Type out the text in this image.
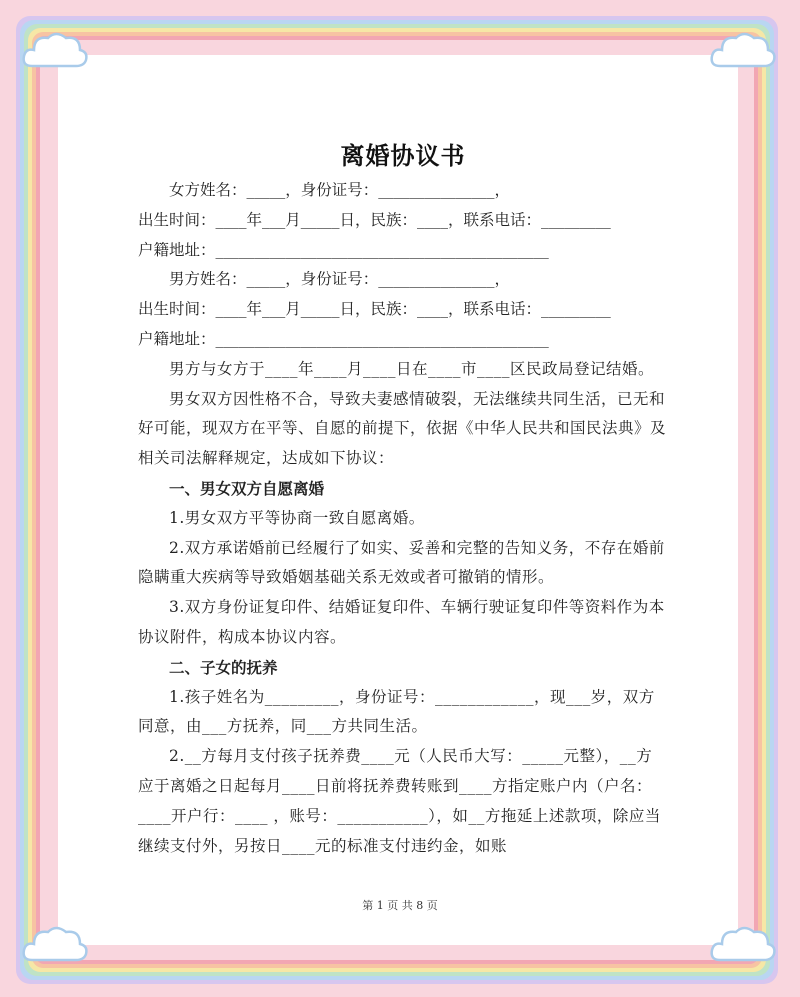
离婚协议书
女方姓名：_____，身份证号：_______________，
出生时间：____年___月_____日，民族：____，联系电话：_________
户籍地址：___________________________________________
男方姓名：_____，身份证号：_______________，
出生时间：____年___月_____日，民族：____，联系电话：_________
户籍地址：___________________________________________
男方与女方于____年____月____日在____市____区民政局登记结婚。
男女双方因性格不合，导致夫妻感情破裂，无法继续共同生活，已无和好可能，现双方在平等、自愿的前提下，依据《中华人民共和国民法典》及相关司法解释规定，达成如下协议：
一、男女双方自愿离婚
1.男女双方平等协商一致自愿离婚。
2.双方承诺婚前已经履行了如实、妥善和完整的告知义务，不存在婚前隐瞒重大疾病等导致婚姻基础关系无效或者可撤销的情形。
3.双方身份证复印件、结婚证复印件、车辆行驶证复印件等资料作为本协议附件，构成本协议内容。
二、子女的抚养
1.孩子姓名为_________，身份证号：____________，现___岁，双方同意，由___方抚养，同___方共同生活。
2.__方每月支付孩子抚养费____元（人民币大写：_____元整），__方应于离婚之日起每月____日前将抚养费转账到____方指定账户内（户名：____开户行：____ ，账号：___________），如__方拖延上述款项，除应当继续支付外，另按日____元的标准支付违约金，如账
第 1 页 共 8 页
